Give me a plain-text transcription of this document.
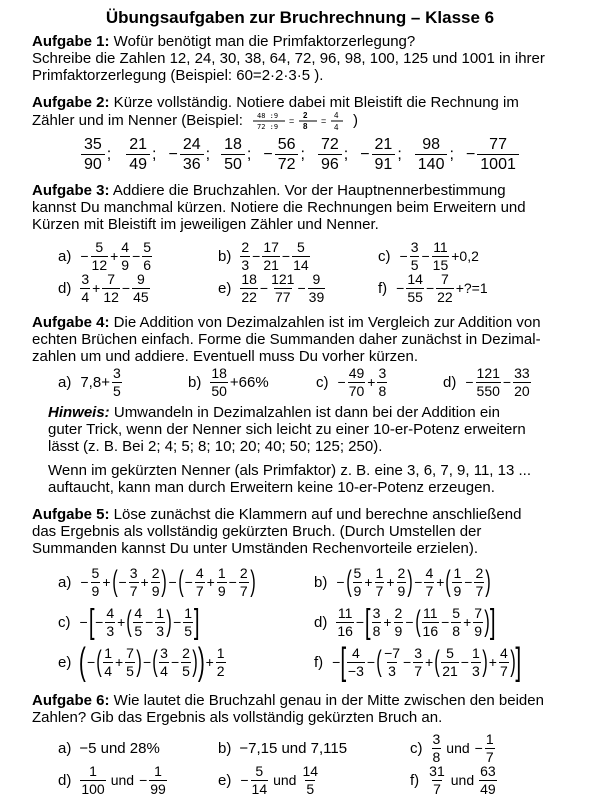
Übungsaufgaben zur Bruchrechnung – Klasse 6
Aufgabe 1: Wofür benötigt man die Primfaktorzerlegung?
Schreibe die Zahlen 12, 24, 30, 38, 64, 72, 96, 98, 100, 125 und 1001 in ihrer
Primfaktorzerlegung (Beispiel: 60=2·2·3·5 ).
Aufgabe 2: Kürze vollständig. Notiere dabei mit Bleistift die Rechnung im
Zähler und im Nenner (Beispiel: 48 :9
72 :9
=
2
8
=
4
4 )
$\frac{35}{90}$ ; $\frac{21}{49}$ ; − $\frac{24}{36}$ ; $\frac{18}{50}$ ; − $\frac{56}{72}$ ; $\frac{72}{96}$ ; − $\frac{21}{91}$ ; $\frac{98}{140}$ ; − $\frac{77}{1001}$
Aufgabe 3: Addiere die Bruchzahlen. Vor der Hauptnennerbestimmung
kannst Du manchmal kürzen. Notiere die Rechnungen beim Erweitern und
Kürzen mit Bleistift im jeweiligen Zähler und Nenner.
$a) - \frac{5}{12} + \frac{4}{9} - \frac{5}{6}$	$b) \frac{2}{3} - \frac{17}{21} - \frac{5}{14}$	$c) - \frac{3}{5} - \frac{11}{15} +0,2$
$d) \frac{3}{4} + \frac{7}{12} - \frac{9}{45}$	$e) \frac{18}{22} - \frac{121}{77} - \frac{9}{39}$	$f) - \frac{14}{55} - \frac{7}{22}$ +?=1
Aufgabe 4: Die Addition von Dezimalzahlen ist im Vergleich zur Addition von
echten Brüchen einfach. Forme die Summanden daher zunächst in Dezimal-
zahlen um und addiere. Eventuell muss Du vorher kürzen.
a) $7,8+ \frac{3}{5}$	$b) \frac{18}{50} +66\%$	$c) - \frac{49}{70} + \frac{3}{8}$	$d) - \frac{121}{550} - \frac{33}{20}$
Hinweis: Umwandeln in Dezimalzahlen ist dann bei der Addition ein
guter Trick, wenn der Nenner sich leicht zu einer 10-er-Potenz erweitern
lässt (z. B. Bei 2; 4; 5; 8; 10; 20; 40; 50; 125; 250).
Wenn im gekürzten Nenner (als Primfaktor) z. B. eine 3, 6, 7, 9, 11, 13 ...
auftaucht, kann man durch Erweitern keine 10-er-Potenz erzeugen.
Aufgabe 5: Löse zunächst die Klammern auf und berechne anschließend
das Ergebnis als vollständig gekürzten Bruch. (Durch Umstellen der
Summanden kannst Du unter Umständen Rechenvorteile erzielen).
$a) - \frac{5}{9}$ + ( − $\frac{3}{7} + \frac{2}{9}$ ) − ( − $\frac{4}{7} + \frac{1}{9} - \frac{2}{7}$ )	b) − ( $\frac{5}{9} + \frac{1}{7} + \frac{2}{9}$ ) − $\frac{4}{7}$ + ( $\frac{1}{9} - \frac{2}{7}$ )
c) − [ − $\frac{4}{3}$ + ( $\frac{4}{5} - \frac{1}{3}$ ) − $\frac{1}{5}$ ]	$d) \frac{11}{16}$ − [ $\frac{3}{8} + \frac{2}{9}$ − ( $\frac{11}{16} - \frac{5}{8} + \frac{7}{9}$ ) ]
e) ( − ( $\frac{1}{4} + \frac{7}{5}$ ) − ( $\frac{3}{4} - \frac{2}{5}$ ) ) + $\frac{1}{2}$	f) − [ $\frac{4}{-3}$ − ( $\frac{-7}{3} - \frac{3}{7}$ + ( $\frac{5}{21} - \frac{1}{3}$ ) + $\frac{4}{7}$ ) ]
Aufgabe 6: Wie lautet die Bruchzahl genau in der Mitte zwischen den beiden
Zahlen? Gib das Ergebnis als vollständig gekürzten Bruch an.
a) −5 und 28%	b) −7,15 und 7,115	$c) \frac{3}{8}$ und − $\frac{1}{7}$
$d) \frac{1}{100}$ und − $\frac{1}{99}$	$e) - \frac{5}{14}$ und $\frac{14}{5}$	$f) \frac{31}{7}$ und $\frac{63}{49}$
